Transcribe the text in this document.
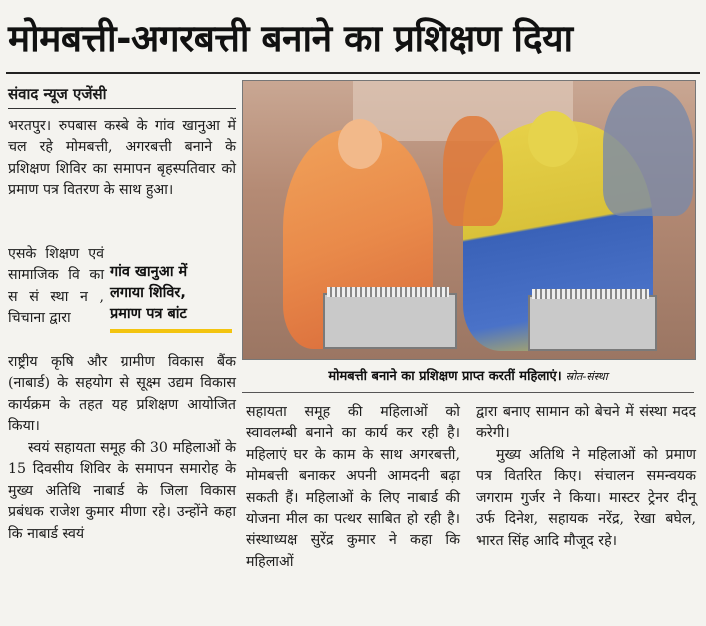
मोमबत्ती-अगरबत्ती बनाने का प्रशिक्षण दिया
संवाद न्यूज एजेंसी

भरतपुर। रुपबास कस्बे के गांव खानुआ में चल रहे मोमबत्ती, अगरबत्ती बनाने के प्रशिक्षण शिविर का समापन बृहस्पतिवार को प्रमाण पत्र वितरण के साथ हुआ।

एसके शिक्षण एवं सामाजिक वि का स सं स्था न , चिचाना द्वारा

राष्ट्रीय कृषि और ग्रामीण विकास बैंक (नाबार्ड) के सहयोग से सूक्ष्म उद्यम विकास कार्यक्रम के तहत यह प्रशिक्षण आयोजित किया।

स्वयं सहायता समूह की 30 महिलाओं के 15 दिवसीय शिविर के समापन समारोह के मुख्य अतिथि नाबार्ड के जिला विकास प्रबंधक राजेश कुमार मीणा रहे। उन्होंने कहा कि नाबार्ड स्वयं

गांव खानुआ में
लगाया शिविर,
प्रमाण पत्र बांट
मोमबत्ती बनाने का प्रशिक्षण प्राप्त करतीं महिलाएं। स्रोत-संस्था

सहायता समूह की महिलाओं को स्वावलम्बी बनाने का कार्य कर रही है। महिलाएं घर के काम के साथ अगरबत्ती, मोमबत्ती बनाकर अपनी आमदनी बढ़ा सकती हैं। महिलाओं के लिए नाबार्ड की योजना मील का पत्थर साबित हो रही है। संस्थाध्यक्ष सुरेंद्र कुमार ने कहा कि महिलाओं

द्वारा बनाए सामान को बेचने में संस्था मदद करेगी।

मुख्य अतिथि ने महिलाओं को प्रमाण पत्र वितरित किए। संचालन समन्वयक जगराम गुर्जर ने किया। मास्टर ट्रेनर दीनू उर्फ दिनेश, सहायक नरेंद्र, रेखा बघेल, भारत सिंह आदि मौजूद रहे।
